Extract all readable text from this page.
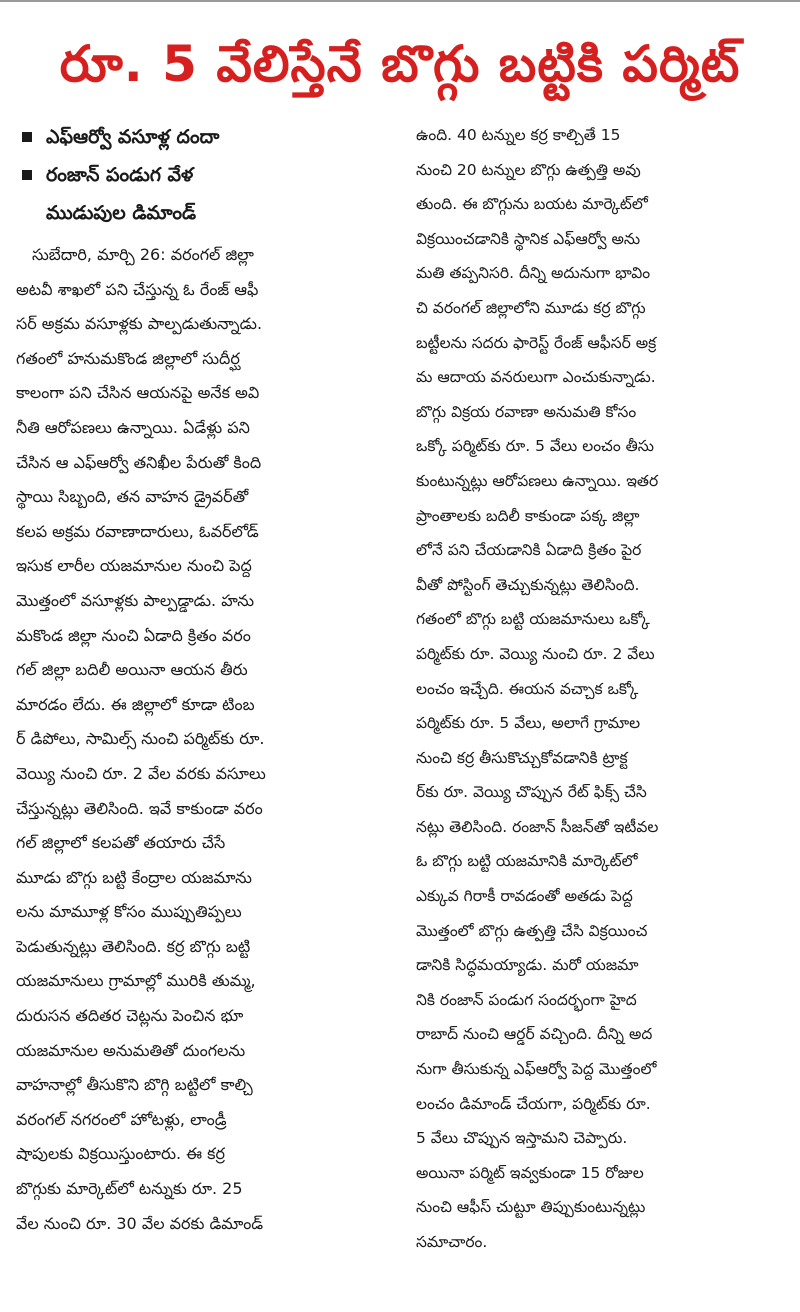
రూ. 5 వేలిస్తేనే బొగ్గు బట్టికి పర్మిట్
ఎఫ్‌ఆర్వో వసూళ్ల దందా
రంజాన్ పండుగ వేళ
ముడుపుల డిమాండ్
సుబేదారి, మార్చి 26: వరంగల్ జిల్లా
అటవీ శాఖలో పని చేస్తున్న ఓ రేంజ్ ఆఫీ
సర్ అక్రమ వసూళ్లకు పాల్పడుతున్నాడు.
గతంలో హనుమకొండ జిల్లాలో సుదీర్ఘ
కాలంగా పని చేసిన ఆయనపై అనేక అవి
నీతి ఆరోపణలు ఉన్నాయి. ఏడేళ్లు పని
చేసిన ఆ ఎఫ్‌ఆర్వో తనిఖీల పేరుతో కింది
స్థాయి సిబ్బంది, తన వాహన డ్రైవర్‌తో
కలప అక్రమ రవాణాదారులు, ఓవర్‌లోడ్
ఇసుక లారీల యజమానుల నుంచి పెద్ద
మొత్తంలో వసూళ్లకు పాల్పడ్డాడు. హను
మకొండ జిల్లా నుంచి ఏడాది క్రితం వరం
గల్ జిల్లా బదిలీ అయినా ఆయన తీరు
మారడం లేదు. ఈ జిల్లాలో కూడా టింబ
ర్ డిపోలు, సామిల్స్ నుంచి పర్మిట్‌కు రూ.
వెయ్యి నుంచి రూ. 2 వేల వరకు వసూలు
చేస్తున్నట్లు తెలిసింది. ఇవే కాకుండా వరం
గల్ జిల్లాలో కలపతో తయారు చేసే
మూడు బొగ్గు బట్టి కేంద్రాల యజమాను
లను మామూళ్ల కోసం ముప్పుతిప్పలు
పెడుతున్నట్లు తెలిసింది. కర్ర బొగ్గు బట్టి
యజమానులు గ్రామాల్లో మురికి తుమ్మ,
దురుసన తదితర చెట్లను పెంచిన భూ
యజమానుల అనుమతితో దుంగలను
వాహనాల్లో తీసుకొని బొగ్గి బట్టిలో కాల్చి
వరంగల్ నగరంలో హోటళ్లు, లాండ్రీ
షాపులకు విక్రయిస్తుంటారు. ఈ కర్ర
బొగ్గుకు మార్కెట్‌లో టన్నుకు రూ. 25
వేల నుంచి రూ. 30 వేల వరకు డిమాండ్
ఉంది. 40 టన్నుల కర్ర కాల్చితే 15
నుంచి 20 టన్నుల బొగ్గు ఉత్పత్తి అవు
తుంది. ఈ బొగ్గును బయట మార్కెట్‌లో
విక్రయించడానికి స్థానిక ఎఫ్‌ఆర్వో అను
మతి తప్పనిసరి. దీన్ని అదునుగా భావిం
చి వరంగల్ జిల్లాలోని మూడు కర్ర బొగ్గు
బట్టీలను సదరు ఫారెస్ట్ రేంజ్ ఆఫీసర్ అక్ర
మ ఆదాయ వనరులుగా ఎంచుకున్నాడు.
బొగ్గు విక్రయ రవాణా అనుమతి కోసం
ఒక్కో పర్మిట్‌కు రూ. 5 వేలు లంచం తీసు
కుంటున్నట్లు ఆరోపణలు ఉన్నాయి. ఇతర
ప్రాంతాలకు బదిలీ కాకుండా పక్క జిల్లా
లోనే పని చేయడానికి ఏడాది క్రితం పైర
వీతో పోస్టింగ్ తెచ్చుకున్నట్లు తెలిసింది.
గతంలో బొగ్గు బట్టి యజమానులు ఒక్కో
పర్మిట్‌కు రూ. వెయ్యి నుంచి రూ. 2 వేలు
లంచం ఇచ్చేది. ఈయన వచ్చాక ఒక్కో
పర్మిట్‌కు రూ. 5 వేలు, అలాగే గ్రామాల
నుంచి కర్ర తీసుకొచ్చుకోవడానికి ట్రాక్ట
ర్‌కు రూ. వెయ్యి చొప్పున రేట్ ఫిక్స్ చేసి
నట్లు తెలిసింది. రంజాన్ సీజన్‌తో ఇటీవల
ఓ బొగ్గు బట్టి యజమానికి మార్కెట్‌లో
ఎక్కువ గిరాకీ రావడంతో అతడు పెద్ద
మొత్తంలో బొగ్గు ఉత్పత్తి చేసి విక్రయించ
డానికి సిద్ధమయ్యాడు. మరో యజమా
నికి రంజాన్ పండుగ సందర్భంగా హైద
రాబాద్ నుంచి ఆర్డర్ వచ్చింది. దీన్ని అద
నుగా తీసుకున్న ఎఫ్‌ఆర్వో పెద్ద మొత్తంలో
లంచం డిమాండ్ చేయగా, పర్మిట్‌కు రూ.
5 వేలు చొప్పున ఇస్తామని చెప్పారు.
అయినా పర్మిట్ ఇవ్వకుండా 15 రోజుల
నుంచి ఆఫీస్ చుట్టూ తిప్పుకుంటున్నట్లు
సమాచారం.
